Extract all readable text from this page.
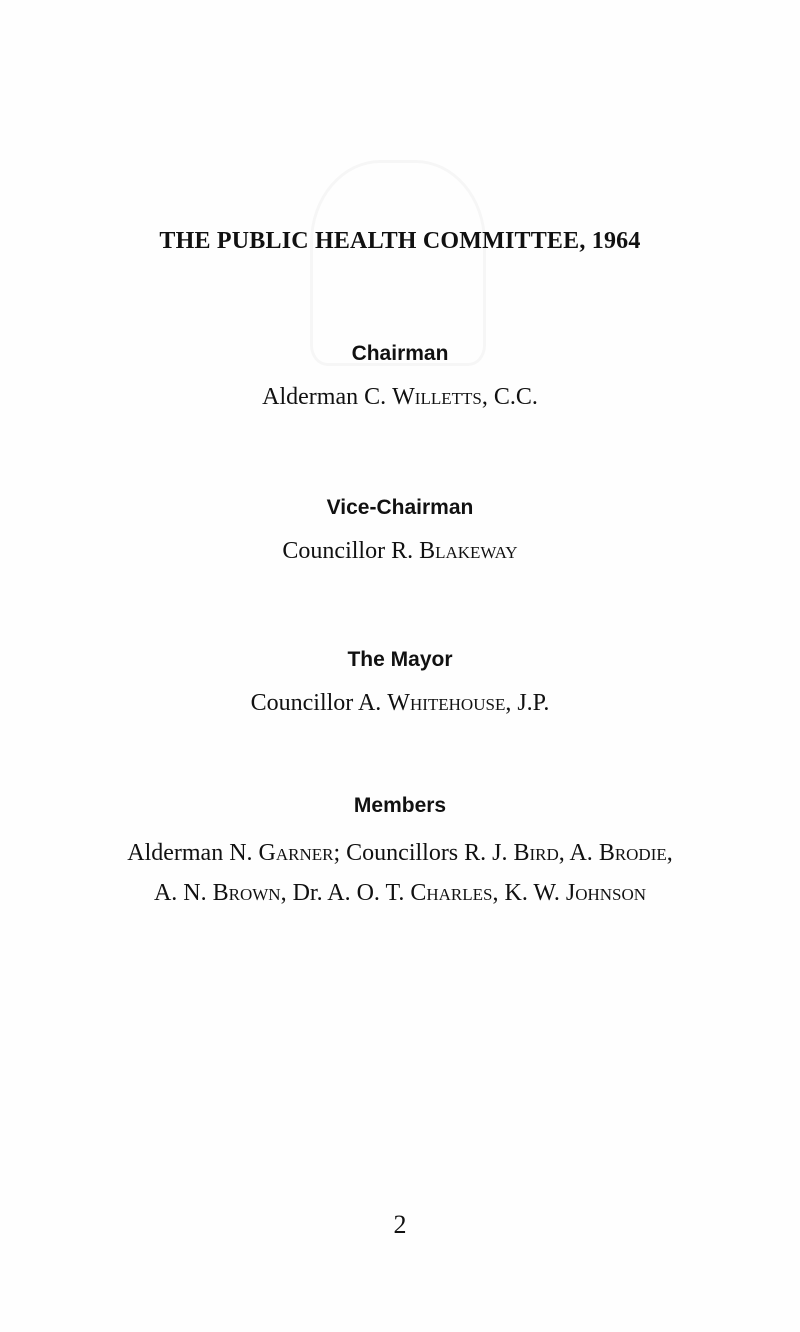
THE PUBLIC HEALTH COMMITTEE, 1964
Chairman
Alderman C. Willetts, C.C.
Vice-Chairman
Councillor R. Blakeway
The Mayor
Councillor A. Whitehouse, J.P.
Members
Alderman N. Garner; Councillors R. J. Bird, A. Brodie,
A. N. Brown, Dr. A. O. T. Charles, K. W. Johnson
2
